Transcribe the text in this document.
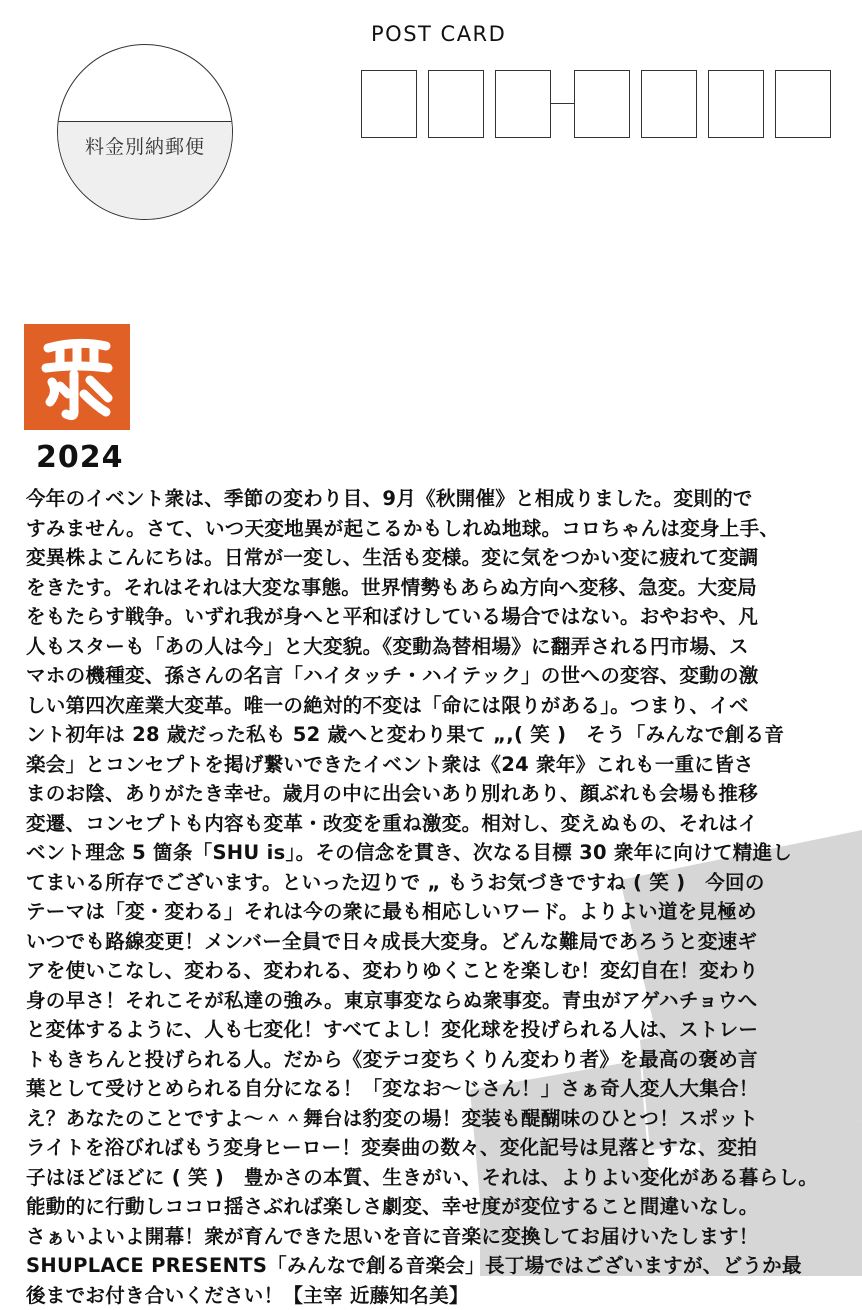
料金別納郵便
POST CARD
2024
今年のイベント衆は、季節の変わり目、9月《秋開催》と相成りました。変則的で
すみません。さて、いつ天変地異が起こるかもしれぬ地球。コロちゃんは変身上手、
変異株よこんにちは。日常が一変し、生活も変様。変に気をつかい変に疲れて変調
をきたす。それはそれは大変な事態。世界情勢もあらぬ方向へ変移、急変。大変局
をもたらす戦争。いずれ我が身へと平和ぼけしている場合ではない。おやおや、凡
人もスターも「あの人は今」と大変貌。《変動為替相場》に翻弄される円市場、ス
マホの機種変、孫さんの名言「ハイタッチ・ハイテック」の世への変容、変動の激
しい第四次産業大変革。唯一の絶対的不変は「命には限りがある」。つまり、イベ
ント初年は 28 歳だった私も 52 歳へと変わり果て „,( 笑 )　そう「みんなで創る音
楽会」とコンセプトを掲げ繋いできたイベント衆は《24 衆年》これも一重に皆さ
まのお陰、ありがたき幸せ。歳月の中に出会いあり別れあり、顔ぶれも会場も推移
変遷、コンセプトも内容も変革・改変を重ね激変。相対し、変えぬもの、それはイ
ベント理念 5 箇条「SHU is」。その信念を貫き、次なる目標 30 衆年に向けて精進し
てまいる所存でございます。といった辺りで „ もうお気づきですね ( 笑 )　今回の
テーマは「変・変わる」それは今の衆に最も相応しいワード。よりよい道を見極め
いつでも路線変更！メンバー全員で日々成長大変身。どんな難局であろうと変速ギ
アを使いこなし、変わる、変われる、変わりゆくことを楽しむ！変幻自在！変わり
身の早さ！それこそが私達の強み。東京事変ならぬ衆事変。青虫がアゲハチョウへ
と変体するように、人も七変化！すべてよし！変化球を投げられる人は、ストレー
トもきちんと投げられる人。だから《変テコ変ちくりん変わり者》を最高の褒め言
葉として受けとめられる自分になる！「変なお〜じさん！」さぁ奇人変人大集合！
え？あなたのことですよ〜＾＾舞台は豹変の場！変装も醍醐味のひとつ！スポット
ライトを浴びればもう変身ヒーロー！変奏曲の数々、変化記号は見落とすな、変拍
子はほどほどに ( 笑 )　豊かさの本質、生きがい、それは、よりよい変化がある暮らし。
能動的に行動しココロ揺さぶれば楽しさ劇変、幸せ度が変位すること間違いなし。
さぁいよいよ開幕！衆が育んできた思いを音に音楽に変換してお届けいたします！
SHUPLACE PRESENTS「みんなで創る音楽会」長丁場ではございますが、どうか最
後までお付き合いください！【主宰 近藤知名美】
